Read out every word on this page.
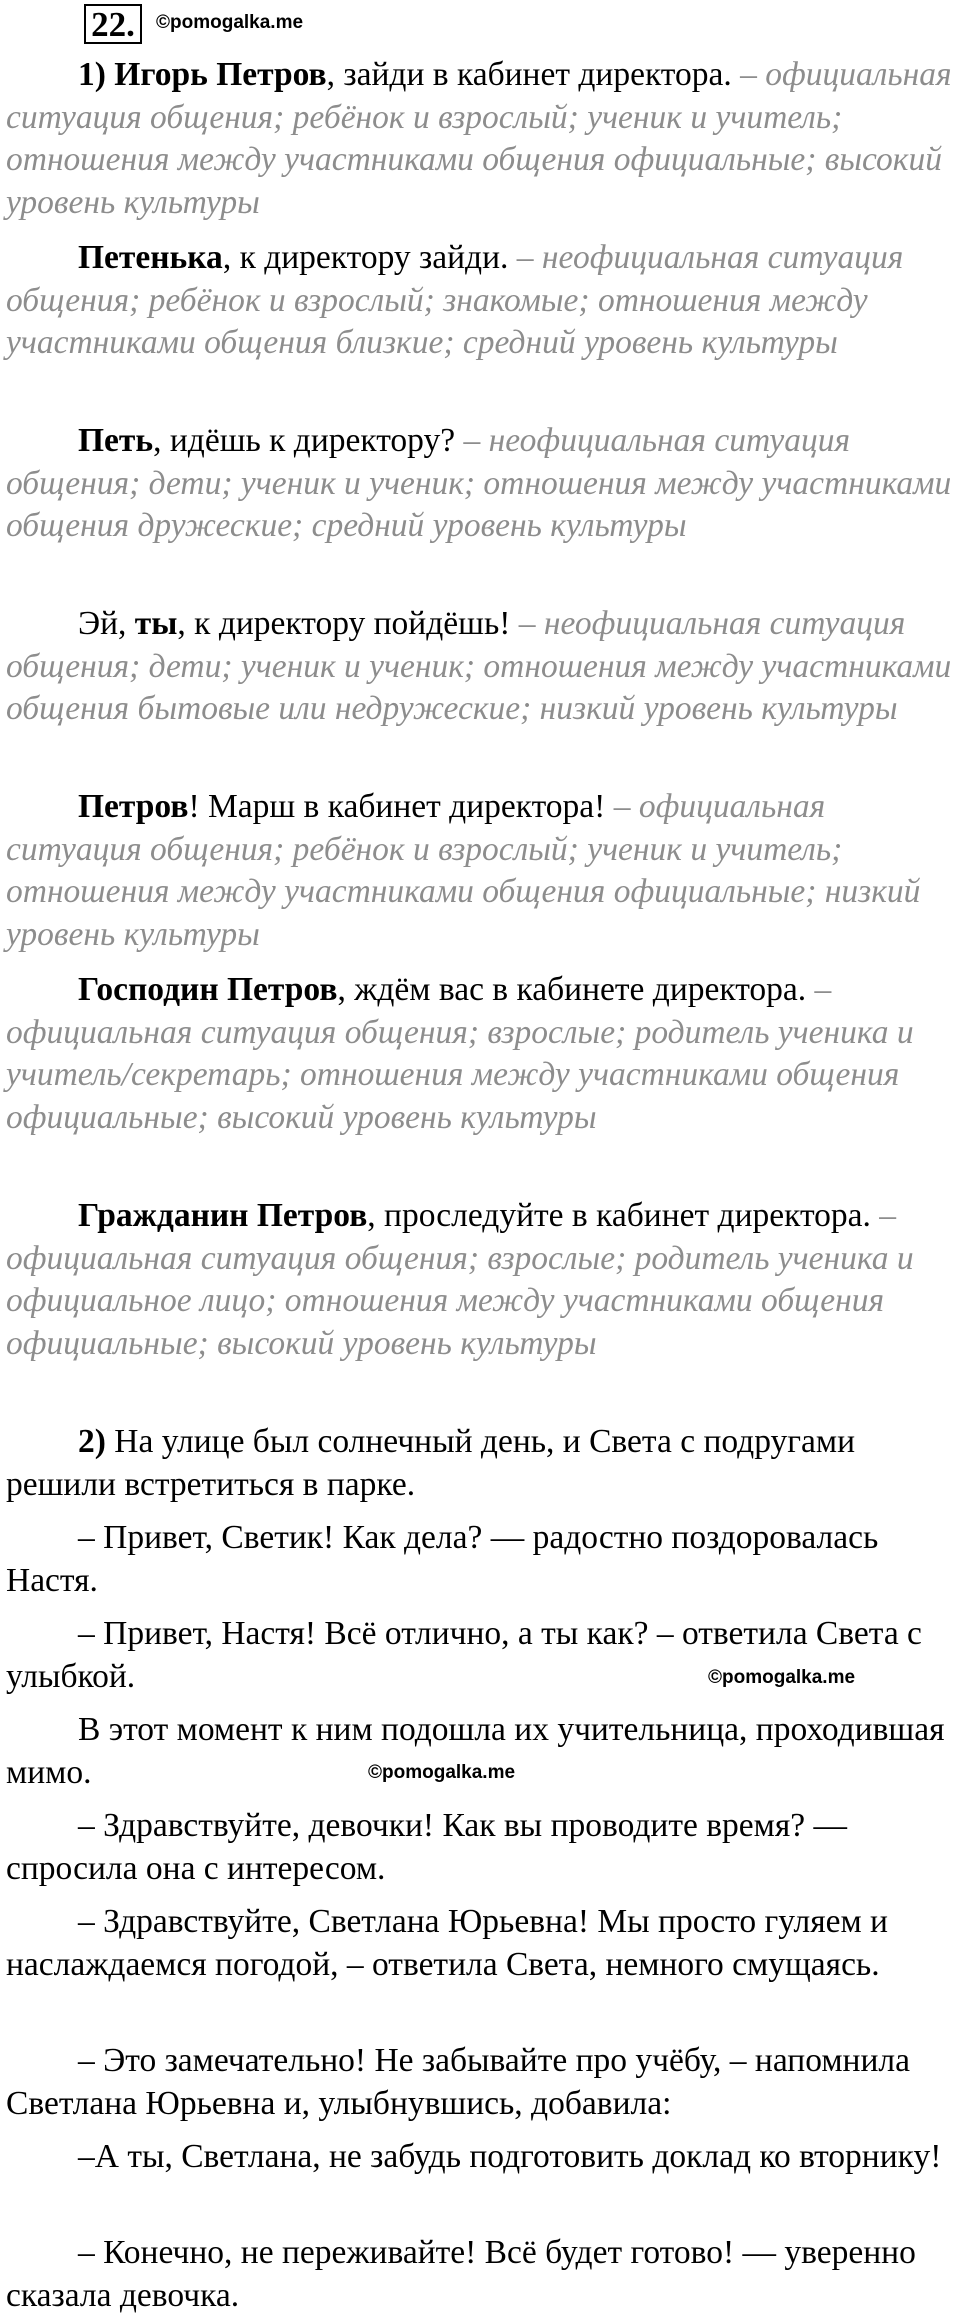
22.	©pomogalka.me

1) Игорь Петров, зайди в кабинет директора. – официальная ситуация общения; ребёнок и взрослый; ученик и учитель; отношения между участниками общения официальные; высокий уровень культуры

Петенька, к директору зайди. – неофициальная ситуация общения; ребёнок и взрослый; знакомые; отношения между участниками общения близкие; средний уровень культуры

Петь, идёшь к директору? – неофициальная ситуация общения; дети; ученик и ученик; отношения между участниками общения дружеские; средний уровень культуры

Эй, ты, к директору пойдёшь! – неофициальная ситуация общения; дети; ученик и ученик; отношения между участниками общения бытовые или недружеские; низкий уровень культуры

Петров! Марш в кабинет директора! – официальная ситуация общения; ребёнок и взрослый; ученик и учитель; отношения между участниками общения официальные; низкий уровень культуры

Господин Петров, ждём вас в кабинете директора. – официальная ситуация общения; взрослые; родитель ученика и учитель/секретарь; отношения между участниками общения официальные; высокий уровень культуры

Гражданин Петров, проследуйте в кабинет директора. – официальная ситуация общения; взрослые; родитель ученика и официальное лицо; отношения между участниками общения официальные; высокий уровень культуры

2) На улице был солнечный день, и Света с подругами решили встретиться в парке.

– Привет, Светик! Как дела? — радостно поздоровалась Настя.

– Привет, Настя! Всё отлично, а ты как? – ответила Света с улыбкой.	©pomogalka.me

В этот момент к ним подошла их учительница, проходившая мимо.	©pomogalka.me

– Здравствуйте, девочки! Как вы проводите время? — спросила она с интересом.

– Здравствуйте, Светлана Юрьевна! Мы просто гуляем и наслаждаемся погодой, – ответила Света, немного смущаясь.

– Это замечательно! Не забывайте про учёбу, – напомнила Светлана Юрьевна и, улыбнувшись, добавила:

–А ты, Светлана, не забудь подготовить доклад ко вторнику!

– Конечно, не переживайте! Всё будет готово! — уверенно сказала девочка.
